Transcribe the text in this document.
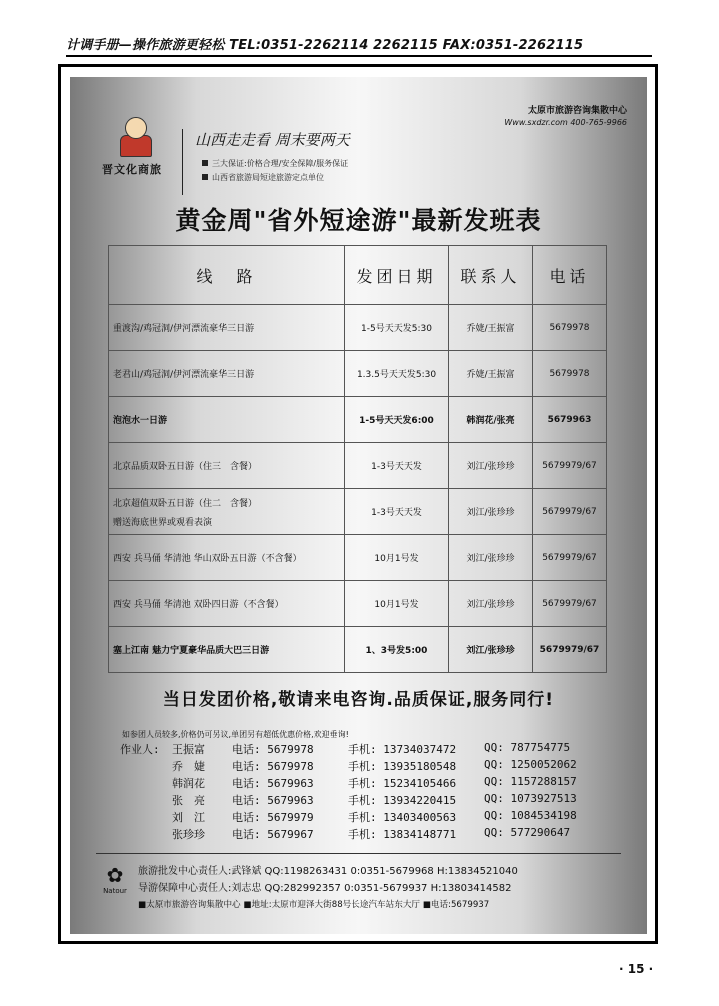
计调手册—操作旅游更轻松 TEL:0351-2262114 2262115 FAX:0351-2262115
太原市旅游咨询集散中心
Www.sxdzr.com 400-765-9966
晋文化商旅
山西走走看 周末要两天
三大保证:价格合理/安全保障/服务保证
山西省旅游局短途旅游定点单位
黄金周"省外短途游"最新发班表
线　路	发团日期	联系人	电话
重渡沟/鸡冠洞/伊河漂流豪华三日游	1-5号天天发5:30	乔婕/王振富	5679978
老君山/鸡冠洞/伊河漂流豪华三日游	1.3.5号天天发5:30	乔婕/王振富	5679978
泡泡水一日游	1-5号天天发6:00	韩润花/张亮	5679963
北京品质双卧五日游（住三　含餐）	1-3号天天发	刘江/张珍珍	5679979/67
北京超值双卧五日游（住二　含餐）
赠送海底世界或观看表演	1-3号天天发	刘江/张珍珍	5679979/67
西安 兵马俑 华清池 华山双卧五日游（不含餐）	10月1号发	刘江/张珍珍	5679979/67
西安 兵马俑 华清池 双卧四日游（不含餐）	10月1号发	刘江/张珍珍	5679979/67
塞上江南 魅力宁夏豪华品质大巴三日游	1、3号发5:00	刘江/张珍珍	5679979/67
当日发团价格,敬请来电咨询.品质保证,服务同行!
如参团人员较多,价格仍可另议,单团另有超低优惠价格,欢迎垂询!
作业人: 王振富 电话: 5679978	手机: 13734037472	QQ: 787754775
乔　婕 电话: 5679978	手机: 13935180548	QQ: 1250052062
韩润花 电话: 5679963	手机: 15234105466	QQ: 1157288157
张　亮 电话: 5679963	手机: 13934220415	QQ: 1073927513
刘　江 电话: 5679979	手机: 13403400563	QQ: 1084534198
张珍珍 电话: 5679967	手机: 13834148771	QQ: 577290647
✿
Natour
旅游批发中心责任人:武锋斌 QQ:1198263431 0:0351-5679968 H:13834521040
导游保障中心责任人:刘志忠 QQ:282992357 0:0351-5679937 H:13803414582
■太原市旅游咨询集散中心 ■地址:太原市迎泽大街88号长途汽车站东大厅 ■电话:5679937
· 15 ·
